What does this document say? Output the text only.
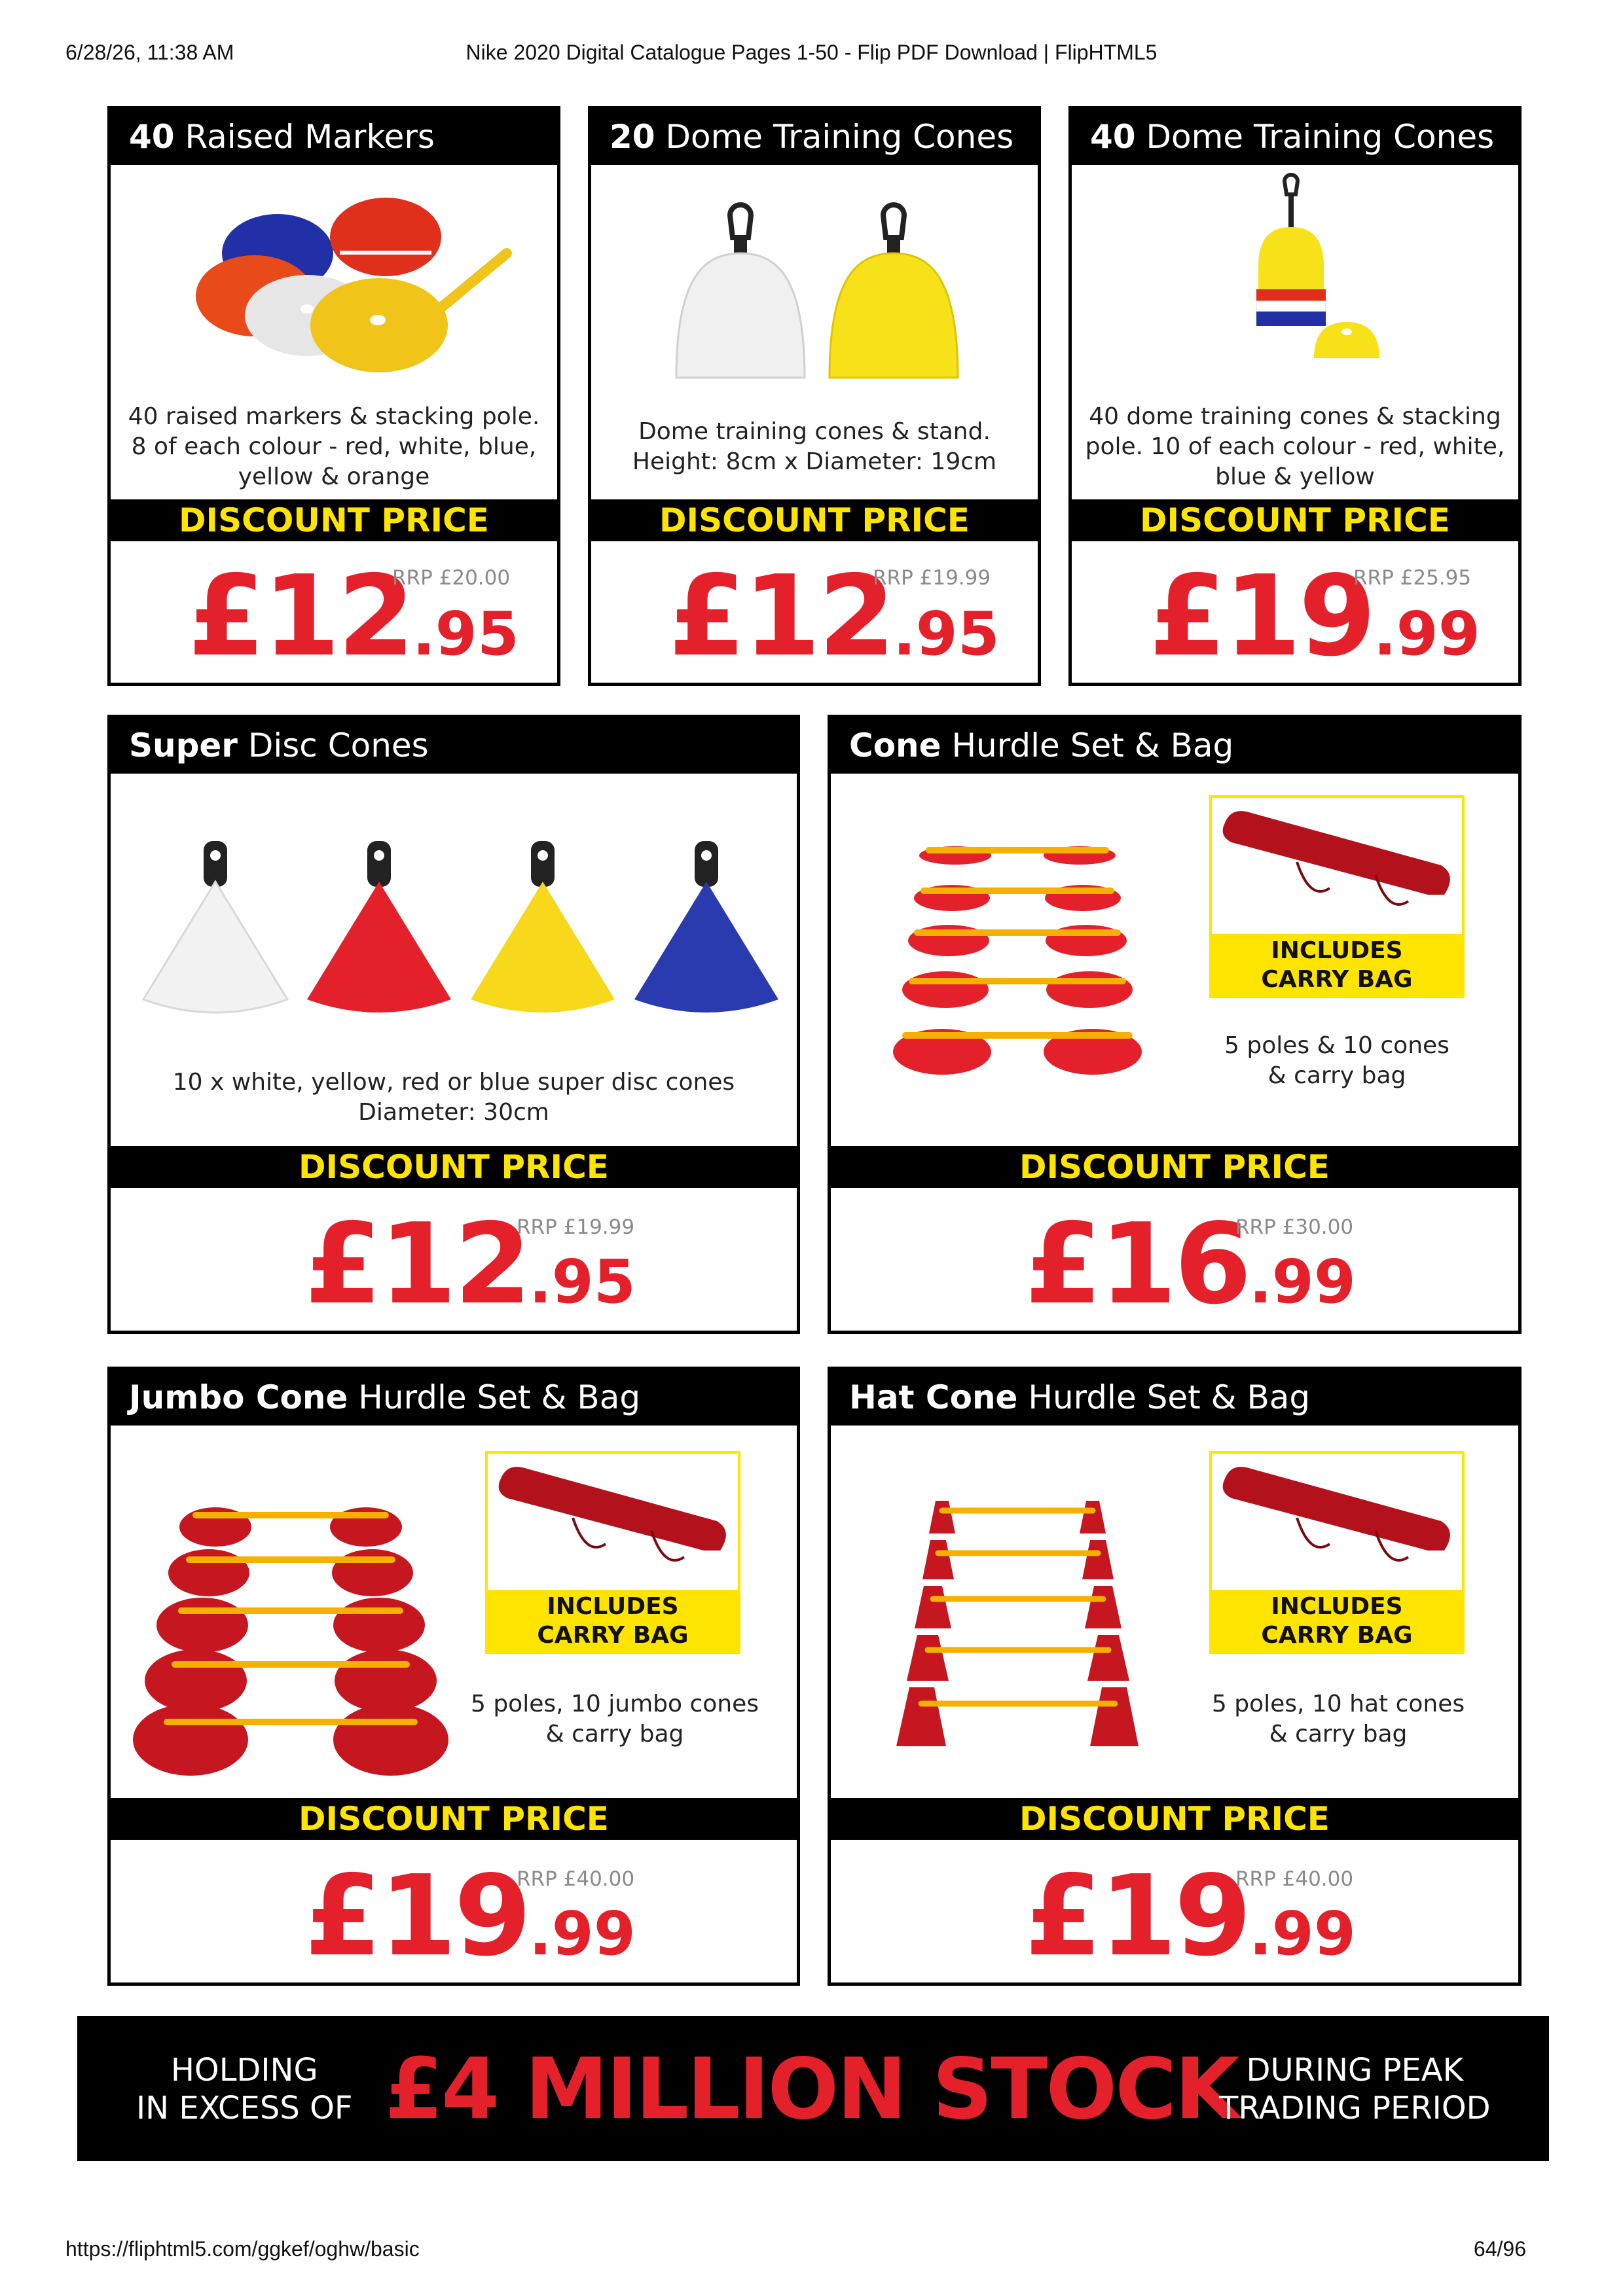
6/28/26, 11:38 AM	Nike 2020 Digital Catalogue Pages 1-50 - Flip PDF Download | FlipHTML5
40 Raised Markers
40 raised markers & stacking pole.
8 of each colour - red, white, blue,
yellow & orange
DISCOUNT PRICE
£12.95
RRP £20.00
20 Dome Training Cones
Dome training cones & stand.
Height: 8cm x Diameter: 19cm
DISCOUNT PRICE
£12.95
RRP £19.99
40 Dome Training Cones
40 dome training cones & stacking
pole. 10 of each colour - red, white,
blue & yellow
DISCOUNT PRICE
£19.99
RRP £25.95
Super Disc Cones
10 x white, yellow, red or blue super disc cones
Diameter: 30cm
DISCOUNT PRICE
£12.95
RRP £19.99
Cone Hurdle Set & Bag
INCLUDES
CARRY BAG
5 poles & 10 cones
& carry bag
DISCOUNT PRICE
£16.99
RRP £30.00
Jumbo Cone Hurdle Set & Bag
INCLUDES
CARRY BAG
5 poles, 10 jumbo cones
& carry bag
DISCOUNT PRICE
£19.99
RRP £40.00
Hat Cone Hurdle Set & Bag
INCLUDES
CARRY BAG
5 poles, 10 hat cones
& carry bag
DISCOUNT PRICE
£19.99
RRP £40.00
HOLDING
IN EXCESS OF £4 MILLION STOCK DURING PEAK
TRADING PERIOD
https://fliphtml5.com/ggkef/oghw/basic	64/96
